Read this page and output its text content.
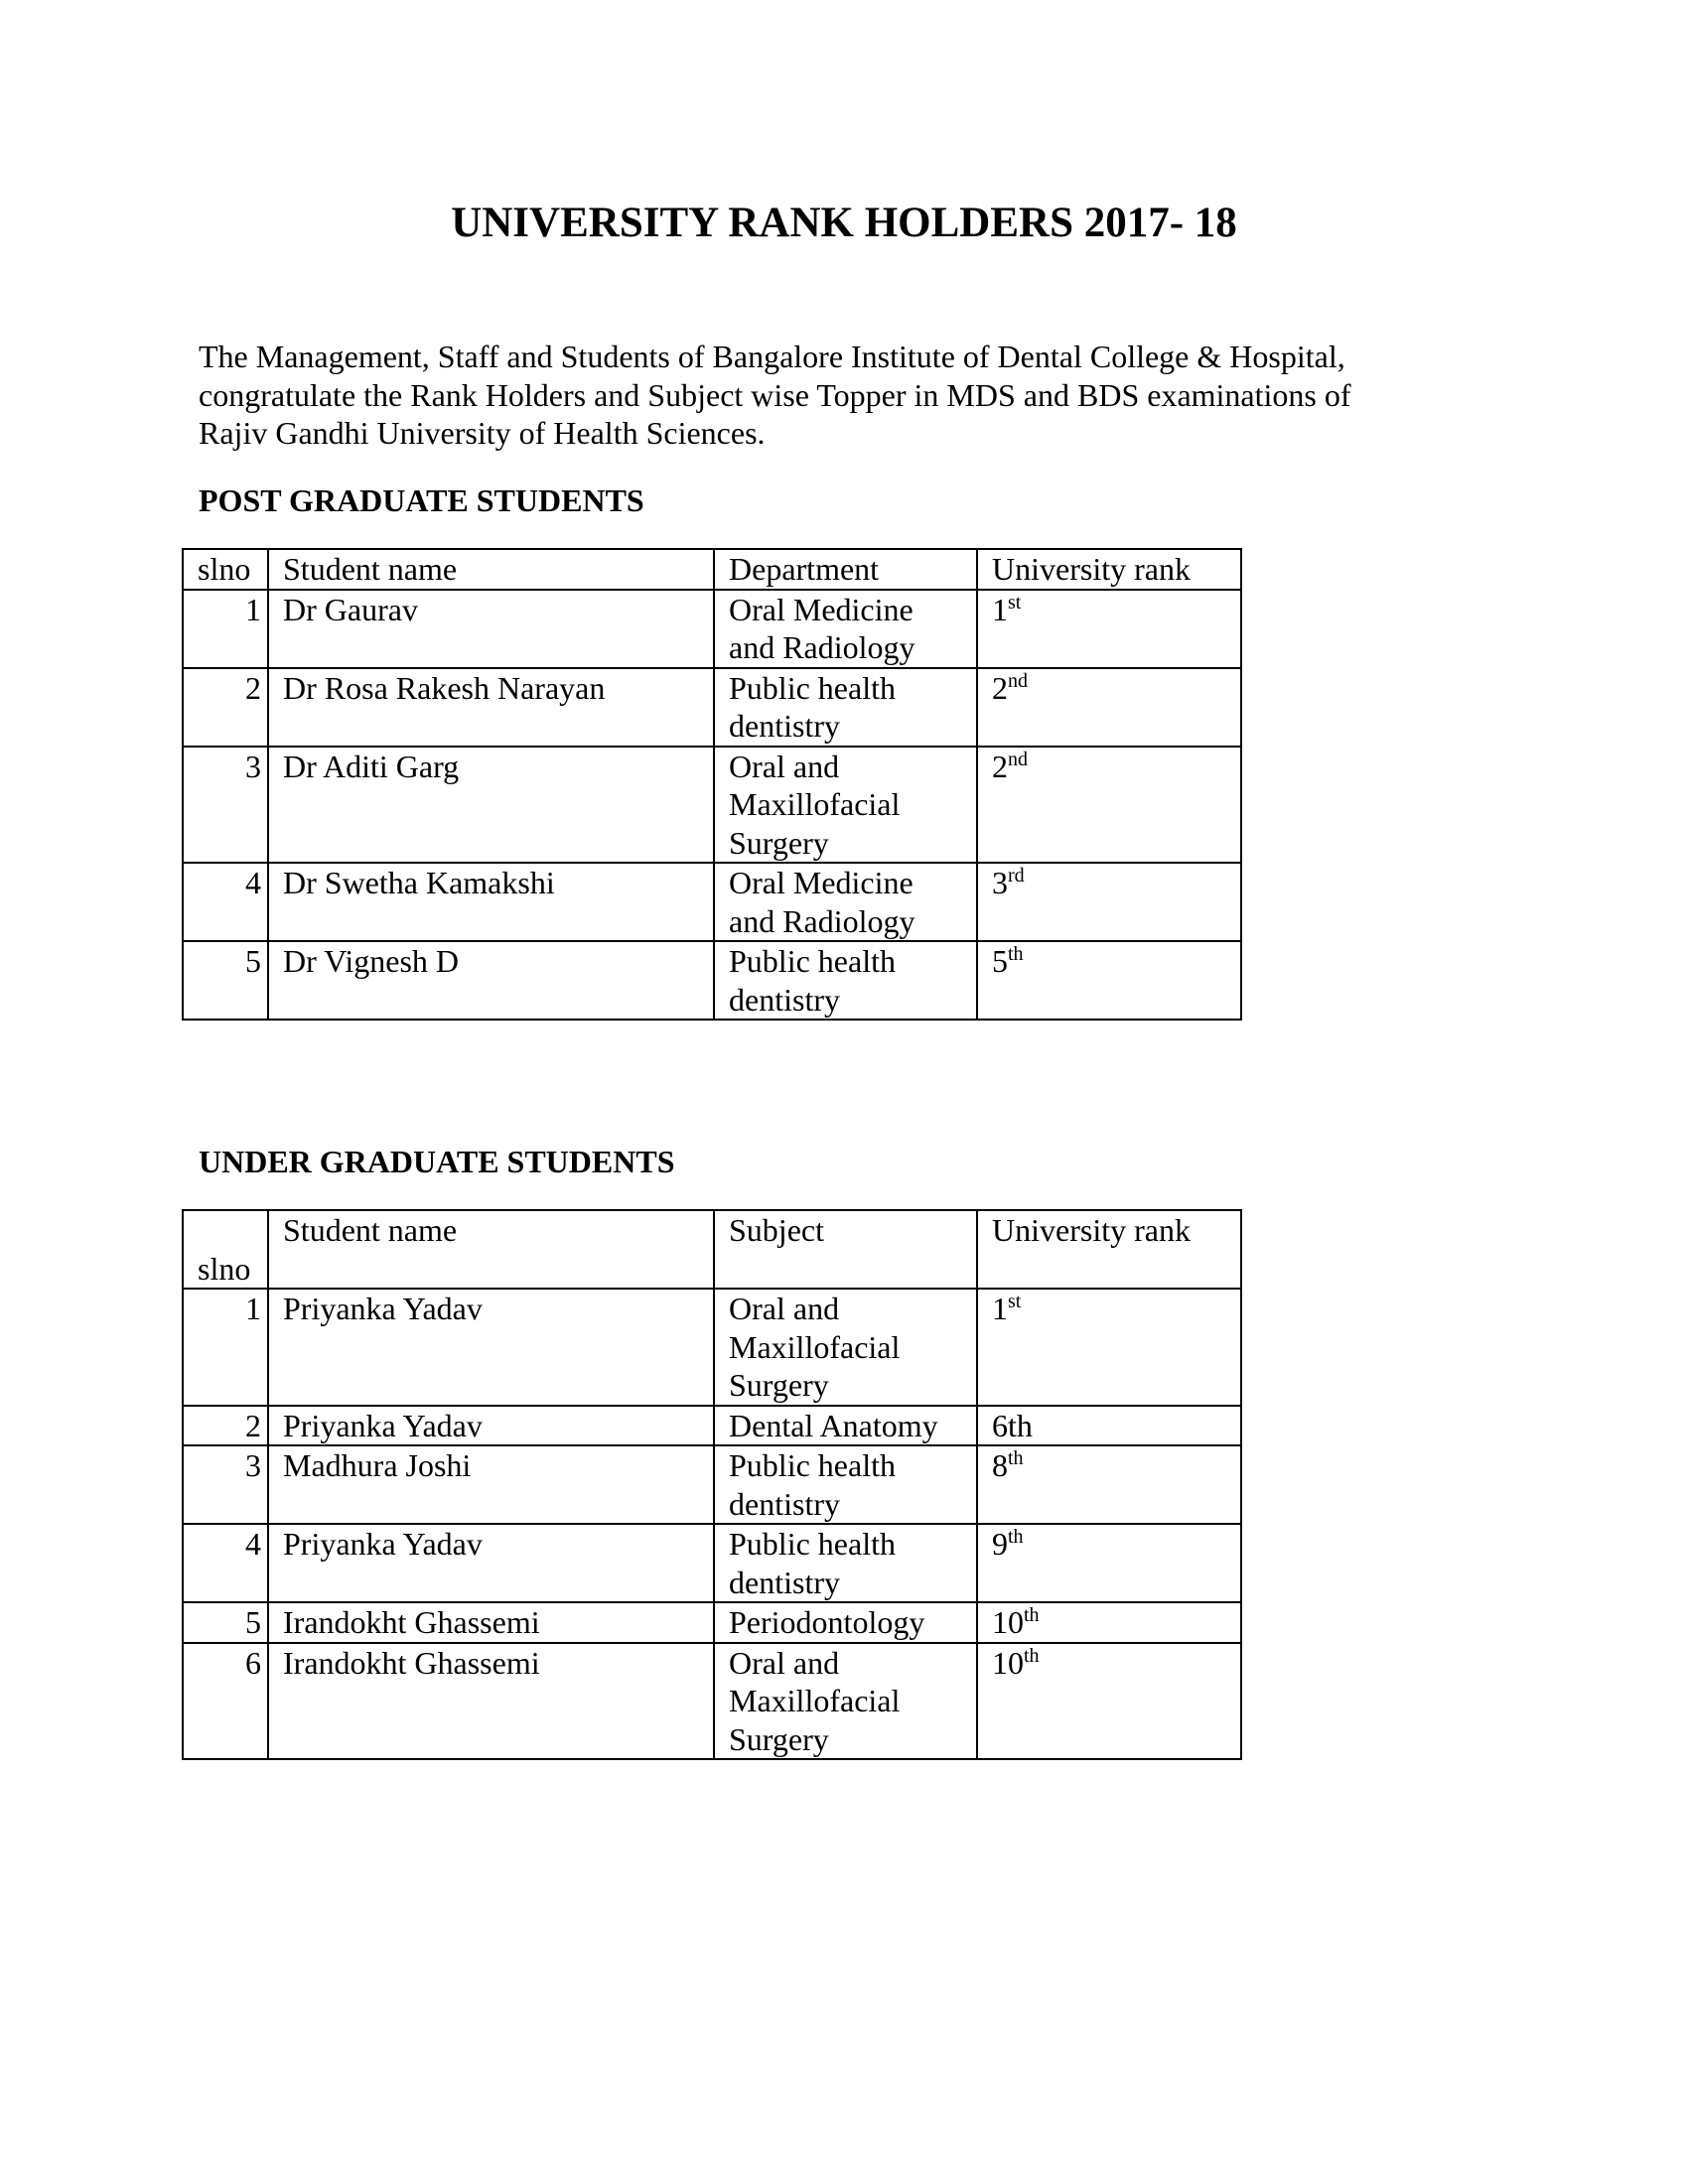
UNIVERSITY RANK HOLDERS 2017- 18

The Management, Staff and Students of Bangalore Institute of Dental College & Hospital,
congratulate the Rank Holders and Subject wise Topper in MDS and BDS examinations of
Rajiv Gandhi University of Health Sciences.

POST GRADUATE STUDENTS
slno	Student name	Department	University rank
1	Dr Gaurav	Oral Medicine
and Radiology	1st
2	Dr Rosa Rakesh Narayan	Public health
dentistry	2nd
3	Dr Aditi Garg	Oral and
Maxillofacial
Surgery	2nd
4	Dr Swetha Kamakshi	Oral Medicine
and Radiology	3rd
5	Dr Vignesh D	Public health
dentistry	5th
UNDER GRADUATE STUDENTS
slno	Student name	Subject	University rank
1	Priyanka Yadav	Oral and
Maxillofacial
Surgery	1st
2	Priyanka Yadav	Dental Anatomy	6th
3	Madhura Joshi	Public health
dentistry	8th
4	Priyanka Yadav	Public health
dentistry	9th
5	Irandokht Ghassemi	Periodontology	10th
6	Irandokht Ghassemi	Oral and
Maxillofacial
Surgery	10th
